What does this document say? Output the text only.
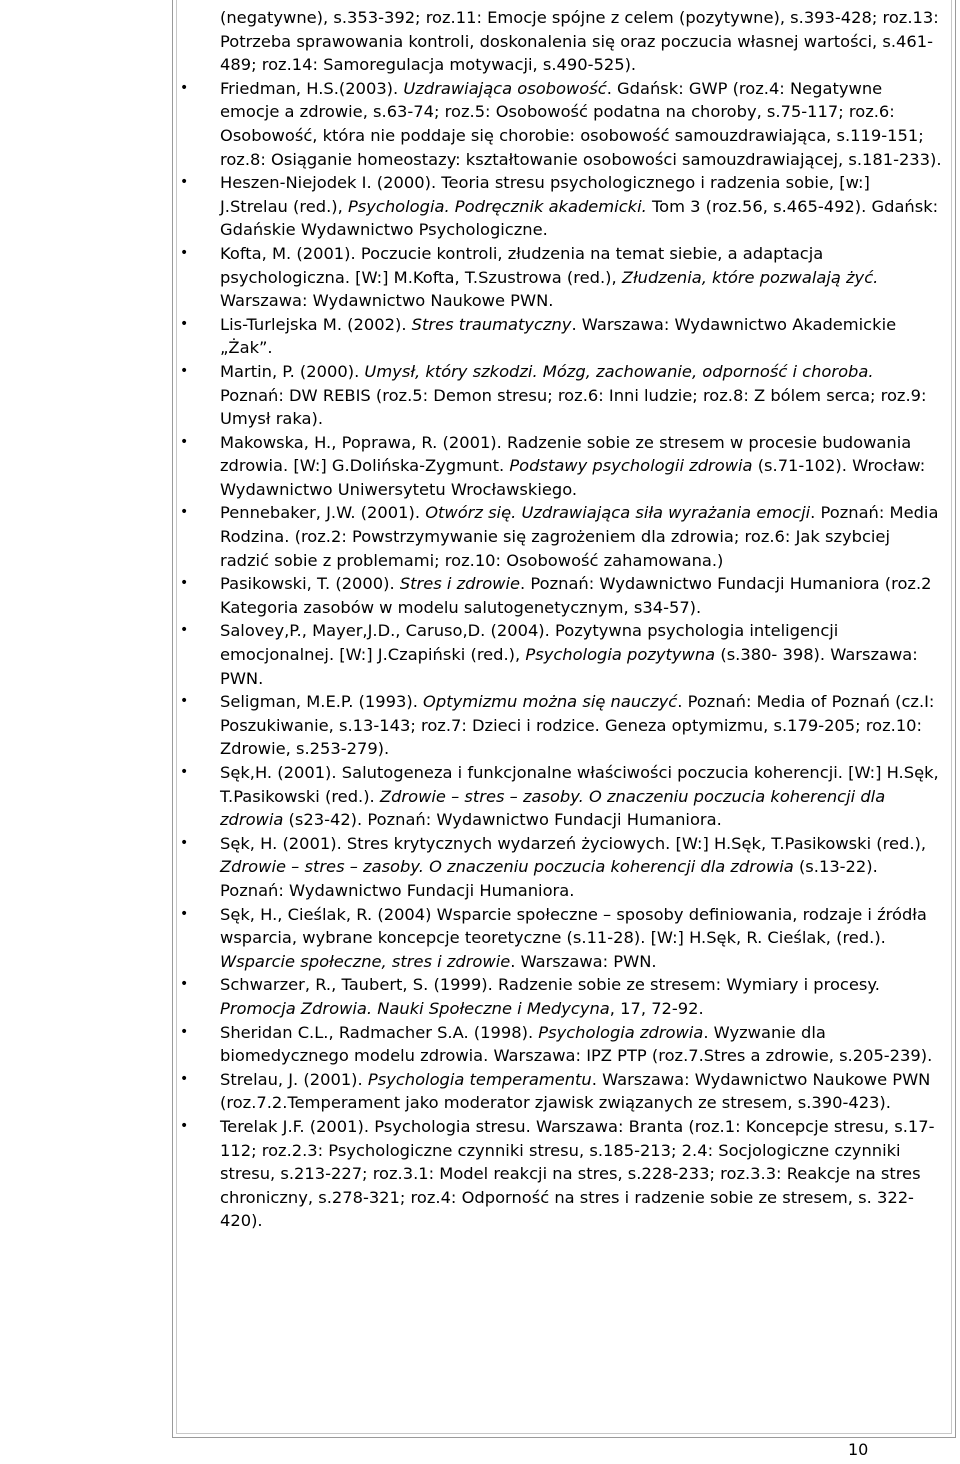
(negatywne), s.353-392; roz.11: Emocje spójne z celem (pozytywne), s.393-428; roz.13: Potrzeba sprawowania kontroli, doskonalenia się oraz poczucia własnej wartości, s.461-489; roz.14: Samoregulacja motywacji, s.490-525).
• Friedman, H.S.(2003). Uzdrawiająca osobowość. Gdańsk: GWP (roz.4: Negatywne emocje a zdrowie, s.63-74; roz.5: Osobowość podatna na choroby, s.75-117; roz.6: Osobowość, która nie poddaje się chorobie: osobowość samouzdrawiająca, s.119-151; roz.8: Osiąganie homeostazy: kształtowanie osobowości samouzdrawiającej, s.181-233).
• Heszen-Niejodek I. (2000). Teoria stresu psychologicznego i radzenia sobie, [w:] J.Strelau (red.), Psychologia. Podręcznik akademicki. Tom 3 (roz.56, s.465-492). Gdańsk: Gdańskie Wydawnictwo Psychologiczne.
• Kofta, M. (2001). Poczucie kontroli, złudzenia na temat siebie, a adaptacja psychologiczna. [W:] M.Kofta, T.Szustrowa (red.), Złudzenia, które pozwalają żyć. Warszawa: Wydawnictwo Naukowe PWN.
• Lis-Turlejska M. (2002). Stres traumatyczny. Warszawa: Wydawnictwo Akademickie „Żak”.
• Martin, P. (2000). Umysł, który szkodzi. Mózg, zachowanie, odporność i choroba. Poznań: DW REBIS (roz.5: Demon stresu; roz.6: Inni ludzie; roz.8: Z bólem serca; roz.9: Umysł raka).
• Makowska, H., Poprawa, R. (2001). Radzenie sobie ze stresem w procesie budowania zdrowia. [W:] G.Dolińska-Zygmunt. Podstawy psychologii zdrowia (s.71-102). Wrocław: Wydawnictwo Uniwersytetu Wrocławskiego.
• Pennebaker, J.W. (2001). Otwórz się. Uzdrawiająca siła wyrażania emocji. Poznań: Media Rodzina. (roz.2: Powstrzymywanie się zagrożeniem dla zdrowia; roz.6: Jak szybciej radzić sobie z problemami; roz.10: Osobowość zahamowana.)
• Pasikowski, T. (2000). Stres i zdrowie. Poznań: Wydawnictwo Fundacji Humaniora (roz.2 Kategoria zasobów w modelu salutogenetycznym, s34-57).
• Salovey,P., Mayer,J.D., Caruso,D. (2004). Pozytywna psychologia inteligencji emocjonalnej. [W:] J.Czapiński (red.), Psychologia pozytywna (s.380- 398). Warszawa: PWN.
• Seligman, M.E.P. (1993). Optymizmu można się nauczyć. Poznań: Media of Poznań (cz.I: Poszukiwanie, s.13-143; roz.7: Dzieci i rodzice. Geneza optymizmu, s.179-205; roz.10: Zdrowie, s.253-279).
• Sęk,H. (2001). Salutogeneza i funkcjonalne właściwości poczucia koherencji. [W:] H.Sęk, T.Pasikowski (red.). Zdrowie – stres – zasoby. O znaczeniu poczucia koherencji dla zdrowia (s23-42). Poznań: Wydawnictwo Fundacji Humaniora.
• Sęk, H. (2001). Stres krytycznych wydarzeń życiowych. [W:] H.Sęk, T.Pasikowski (red.), Zdrowie – stres – zasoby. O znaczeniu poczucia koherencji dla zdrowia (s.13-22). Poznań: Wydawnictwo Fundacji Humaniora.
• Sęk, H., Cieślak, R. (2004) Wsparcie społeczne – sposoby definiowania, rodzaje i źródła wsparcia, wybrane koncepcje teoretyczne (s.11-28). [W:] H.Sęk, R. Cieślak, (red.). Wsparcie społeczne, stres i zdrowie. Warszawa: PWN.
• Schwarzer, R., Taubert, S. (1999). Radzenie sobie ze stresem: Wymiary i procesy. Promocja Zdrowia. Nauki Społeczne i Medycyna, 17, 72-92.
• Sheridan C.L., Radmacher S.A. (1998). Psychologia zdrowia. Wyzwanie dla biomedycznego modelu zdrowia. Warszawa: IPZ PTP (roz.7.Stres a zdrowie, s.205-239).
• Strelau, J. (2001). Psychologia temperamentu. Warszawa: Wydawnictwo Naukowe PWN (roz.7.2.Temperament jako moderator zjawisk związanych ze stresem, s.390-423).
• Terelak J.F. (2001). Psychologia stresu. Warszawa: Branta (roz.1: Koncepcje stresu, s.17-112; roz.2.3: Psychologiczne czynniki stresu, s.185-213; 2.4: Socjologiczne czynniki stresu, s.213-227; roz.3.1: Model reakcji na stres, s.228-233; roz.3.3: Reakcje na stres chroniczny, s.278-321; roz.4: Odporność na stres i radzenie sobie ze stresem, s. 322-420).
10
